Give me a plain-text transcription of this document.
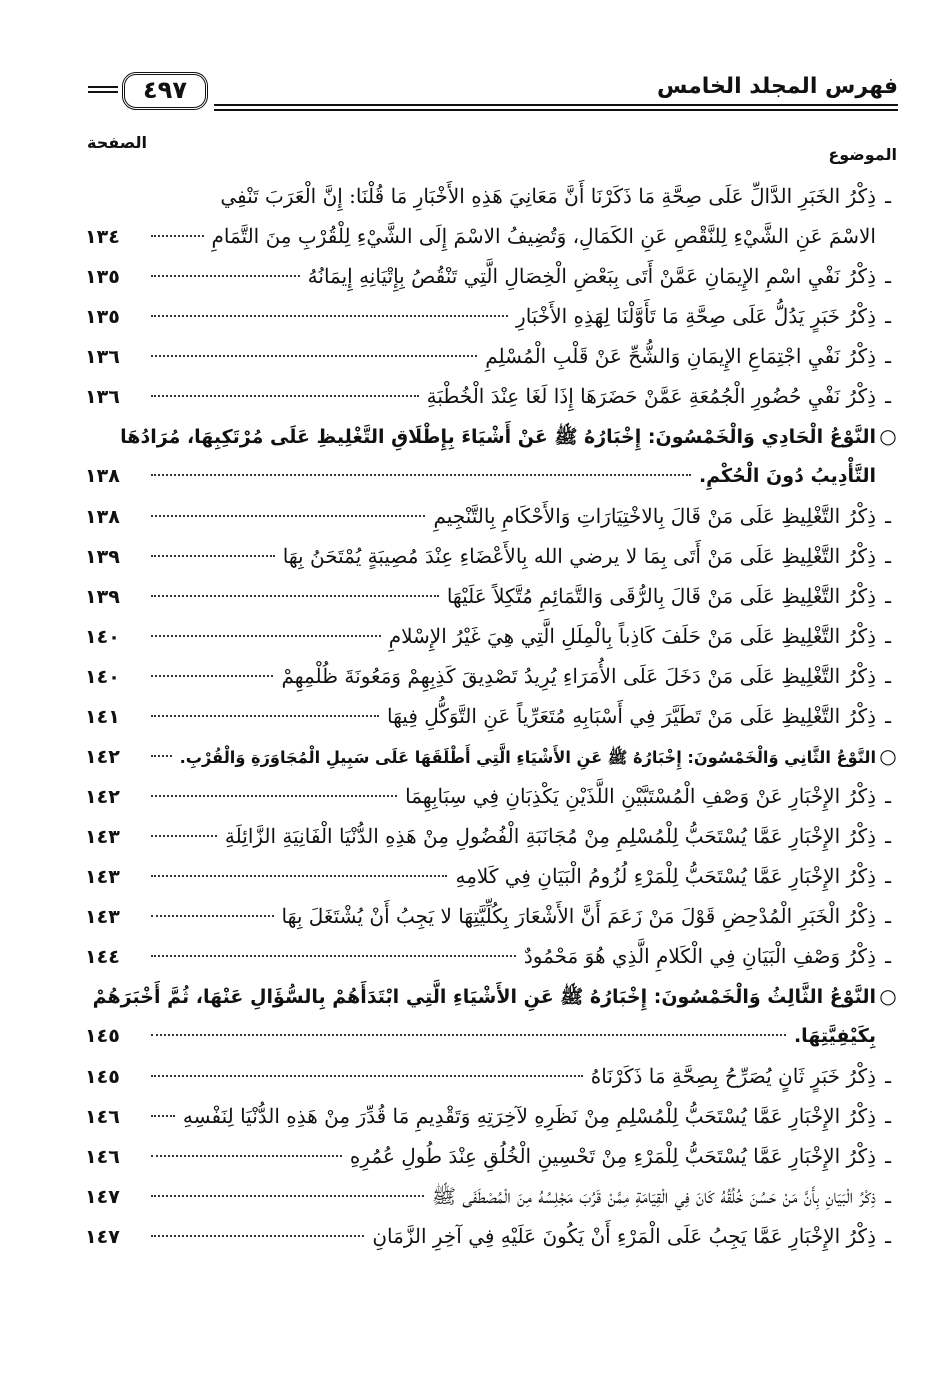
فهرس المجلد الخامس
٤٩٧
الموضوع
الصفحة
ـ
ذِكْرُ الخَبَرِ الدَّالِّ عَلَى صِحَّةِ مَا ذَكَرْنَا أَنَّ مَعَانِيَ هَذِهِ الأَخْبَارِ مَا قُلْنَا: إِنَّ الْعَرَبَ تَنْفِي
الاسْمَ عَنِ الشَّيْءِ لِلنَّقْصِ عَنِ الكَمَالِ، وَتُضِيفُ الاسْمَ إِلَى الشَّيْءِ لِلْقُرْبِ مِنَ التَّمَامِ
١٣٤
ـ
ذِكْرُ نَفْيِ اسْمِ الإِيمَانِ عَمَّنْ أَتَى بِبَعْضِ الْخِصَالِ الَّتِي تَنْقُصُ بِإِتْيَانِهِ إِيمَانُهُ
١٣٥
ـ
ذِكْرُ خَبَرٍ يَدُلُّ عَلَى صِحَّةِ مَا تَأَوَّلْنَا لِهَذِهِ الأَخْبَارِ
١٣٥
ـ
ذِكْرُ نَفْيِ اجْتِمَاعِ الإِيمَانِ وَالشُّحِّ عَنْ قَلْبِ الْمُسْلِمِ
١٣٦
ـ
ذِكْرُ نَفْيِ حُضُورِ الْجُمُعَةِ عَمَّنْ حَضَرَهَا إِذَا لَغَا عِنْدَ الْخُطْبَةِ
١٣٦
○
النَّوْعُ الْحَادِي وَالْخَمْسُونَ: إِخْبَارُهُ ﷺ عَنْ أَشْيَاءَ بِإِطْلَاقِ التَّغْلِيظِ عَلَى مُرْتَكِبِهَا، مُرَادُهَا
التَّأْدِيبُ دُونَ الْحُكْمِ.
١٣٨
ـ
ذِكْرُ التَّغْلِيظِ عَلَى مَنْ قَالَ بِالاخْتِيَارَاتِ وَالأَحْكَامِ بِالتَّنْجِيمِ
١٣٨
ـ
ذِكْرُ التَّغْلِيظِ عَلَى مَنْ أَتَى بِمَا لا يرضي الله بِالأَعْضَاءِ عِنْدَ مُصِيبَةٍ يُمْتَحَنُ بِهَا
١٣٩
ـ
ذِكْرُ التَّغْلِيظِ عَلَى مَنْ قَالَ بِالرُّقَى وَالتَّمَائِمِ مُتَّكِلاً عَلَيْهَا
١٣٩
ـ
ذِكْرُ التَّغْلِيظِ عَلَى مَنْ حَلَفَ كَاذِباً بِالْمِلَلِ الَّتِي هِيَ غَيْرُ الإِسْلامِ
١٤٠
ـ
ذِكْرُ التَّغْلِيظِ عَلَى مَنْ دَخَلَ عَلَى الأُمَرَاءِ يُرِيدُ تَصْدِيقَ كَذِبِهِمْ وَمَعُونَةَ ظُلْمِهِمْ
١٤٠
ـ
ذِكْرُ التَّغْلِيظِ عَلَى مَنْ تَطَيَّرَ فِي أَسْبَابِهِ مُتَعَرِّياً عَنِ التَّوَكُّلِ فِيهَا
١٤١
○
النَّوْعُ الثَّانِي وَالْخَمْسُونَ: إِخْبَارُهُ ﷺ عَنِ الأَشْيَاءِ الَّتِي أَطْلَقَهَا عَلَى سَبِيلِ الْمُجَاوَرَةِ وَالْقُرْبِ.
١٤٢
ـ
ذِكْرُ الإِخْبَارِ عَنْ وَصْفِ الْمُسْتَبَّيْنِ اللَّذَيْنِ يَكْذِبَانِ فِي سِبَابِهِمَا
١٤٢
ـ
ذِكْرُ الإِخْبَارِ عَمَّا يُسْتَحَبُّ لِلْمُسْلِمِ مِنْ مُجَانَبَةِ الْفُضُولِ مِنْ هَذِهِ الدُّنْيَا الْفَانِيَةِ الزَّائِلَةِ
١٤٣
ـ
ذِكْرُ الإِخْبَارِ عَمَّا يُسْتَحَبُّ لِلْمَرْءِ لُزُومُ الْبَيَانِ فِي كَلامِهِ
١٤٣
ـ
ذِكْرُ الْخَبَرِ الْمُدْحِضِ قَوْلَ مَنْ زَعَمَ أَنَّ الأَشْعَارَ بِكُلِّيَّتِهَا لا يَجِبُ أَنْ يُشْتَغَلَ بِهَا
١٤٣
ـ
ذِكْرُ وَصْفِ الْبَيَانِ فِي الْكَلامِ الَّذِي هُوَ مَحْمُودٌ
١٤٤
○
النَّوْعُ الثَّالِثُ وَالْخَمْسُونَ: إِخْبَارُهُ ﷺ عَنِ الأَشْيَاءِ الَّتِي ابْتَدَأَهُمْ بِالسُّؤَالِ عَنْهَا، ثُمَّ أَخْبَرَهُمْ
بِكَيْفِيَّتِهَا.
١٤٥
ـ
ذِكْرُ خَبَرٍ ثَانٍ يُصَرِّحُ بِصِحَّةِ مَا ذَكَرْنَاهُ
١٤٥
ـ
ذِكْرُ الإِخْبَارِ عَمَّا يُسْتَحَبُّ لِلْمُسْلِمِ مِنْ نَظَرِهِ لآخِرَتِهِ وَتَقْدِيمِ مَا قُدِّرَ مِنْ هَذِهِ الدُّنْيَا لِنَفْسِهِ
١٤٦
ـ
ذِكْرُ الإِخْبَارِ عَمَّا يُسْتَحَبُّ لِلْمَرْءِ مِنْ تَحْسِينِ الْخُلُقِ عِنْدَ طُولِ عُمُرِهِ
١٤٦
ـ
ذِكْرُ الْبَيَانِ بِأَنَّ مَنْ حَسُنَ خُلُقُهُ كَانَ فِي الْقِيَامَةِ مِمَّنْ قَرُبَ مَجْلِسُهُ مِنَ الْمُصْطَفَى ﷺ
١٤٧
ـ
ذِكْرُ الإِخْبَارِ عَمَّا يَجِبُ عَلَى الْمَرْءِ أَنْ يَكُونَ عَلَيْهِ فِي آخِرِ الزَّمَانِ
١٤٧
